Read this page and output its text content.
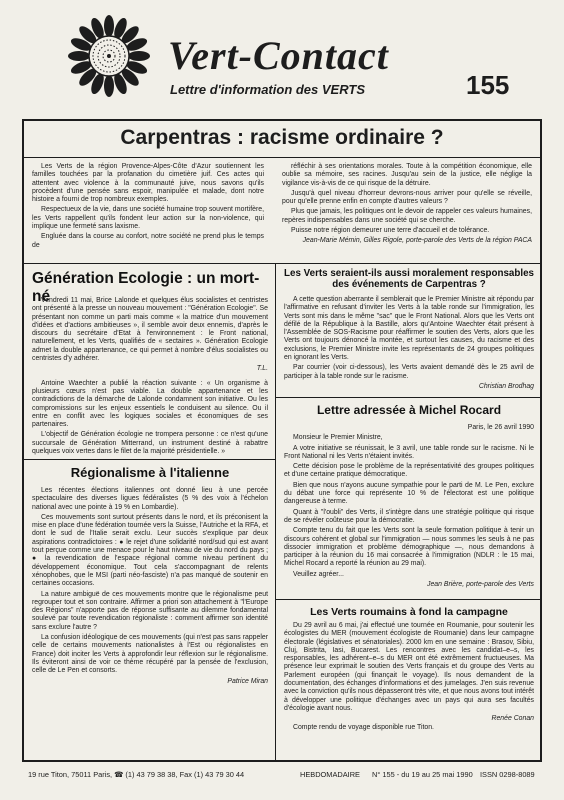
Vert-Contact
Lettre d'information des VERTS	155
Carpentras : racisme ordinaire ?

Les Verts de la région Provence-Alpes-Côte d'Azur soutiennent les familles touchées par la profanation du cimetière juif. Ces actes qui attentent avec violence à la communauté juive, nous savons qu'ils procèdent d'une pensée sans espoir, manipulée et malade, dont notre histoire a fourni de trop nombreux exemples.

Respectueux de la vie, dans une société humaine trop souvent mortifère, les Verts rappellent qu'ils fondent leur action sur la non-violence, qui implique une fermeté sans laxisme.

Engluée dans la course au confort, notre société ne prend plus le temps de

réfléchir à ses orientations morales. Toute à la compétition économique, elle oublie sa mémoire, ses racines. Jusqu'au sein de la justice, elle néglige la vigilance vis-à-vis de ce qui risque de la détruire.

Jusqu'à quel niveau d'horreur devrons-nous arriver pour qu'elle se réveille, pour qu'elle prenne enfin en compte d'autres valeurs ?

Plus que jamais, les politiques ont le devoir de rappeler ces valeurs humaines, repères indispensables dans une société qui se cherche.

Puisse notre région demeurer une terre d'accueil et de tolérance.

Jean-Marie Mémin, Gilles Rigole, porte-parole des Verts de la région PACA
Génération Ecologie : un mort-né

Vendredi 11 mai, Brice Lalonde et quelques élus socialistes et centristes ont présenté à la presse un nouveau mouvement : "Génération Ecologie". Se présentant non comme un parti mais comme « la matrice d'un mouvement d'idées et d'actions ambitieuses », il semble avoir deux ennemis, d'après le discours du secrétaire d'Etat à l'environnement : le Front national, naturellement, et les Verts, qualifiés de « sectaires ». Génération Ecologie admet la double appartenance, ce qui permet à nombre d'élus socialistes ou centristes d'y adhérer.

T.L.

Antoine Waechter a publié la réaction suivante : « Un organisme à plusieurs cœurs n'est pas viable. La double appartenance et les contradictions de la démarche de Lalonde condamnent son initiative. Ou les compromissions sur les enjeux essentiels le conduisent au silence. Ou il entre en conflit avec les logiques sociales et économiques de ses partenaires.

L'objectif de Génération écologie ne trompera personne : ce n'est qu'une succursale de Génération Mitterrand, un instrument destiné à rabattre quelques voix vertes dans le filet de la majorité présidentielle. »

Régionalisme à l'italienne

Les récentes élections italiennes ont donné lieu à une percée spectaculaire des diverses ligues fédéralistes (5 % des voix à l'échelon national avec une pointe à 19 % en Lombardie).

Ces mouvements sont surtout présents dans le nord, et ils préconisent la mise en place d'une fédération tournée vers la Suisse, l'Autriche et la RFA, et dont le sud de l'Italie serait exclu. Leur succès s'explique par deux aspirations contradictoires : ● le rejet d'une solidarité nord/sud qui est avant tout perçue comme une menace pour le haut niveau de vie du nord du pays ; ● la revendication de l'espace régional comme niveau pertinent du développement économique. Tout cela s'accompagnant de relents xénophobes, que le MSI (parti néo-fasciste) n'a pas manqué de soutenir en certaines occasions.

La nature ambiguë de ces mouvements montre que le régionalisme peut regrouper tout et son contraire. Affirmer a priori son attachement à "l'Europe des Régions" n'apporte pas de réponse suffisante au dilemme fondamental soulevé par toute revendication régionaliste : comment affirmer son identité sans exclure l'autre ?

La confusion idéologique de ces mouvements (qui n'est pas sans rappeler celle de certains mouvements nationalistes à l'Est ou régionalistes en France) doit inciter les Verts à approfondir leur réflexion sur le régionalisme. Ils éviteront ainsi de voir ce thème récupéré par la pensée de l'exclusion, celle de Le Pen et consorts.

Patrice Miran
Les Verts seraient-ils aussi moralement responsables des événements de Carpentras ?

A cette question aberrante il semblerait que le Premier Ministre ait répondu par l'affirmative en refusant d'inviter les Verts à la table ronde sur l'immigration, les Verts sont mis dans le même "sac" que le Front National. Alors que les Verts ont défilé de la République à la Bastille, alors qu'Antoine Waechter était présent à l'Assemblée de SOS-Racisme pour réaffirmer le soutien des Verts, alors que les Verts ont toujours dénoncé la montée, et surtout les causes, du racisme et des exclusions, le Premier Ministre invite les représentants de 24 groupes politiques en ignorant les Verts.

Par courrier (voir ci-dessous), les Verts avaient demandé dès le 25 avril de participer à la table ronde sur le racisme.

Christian Brodhag
Lettre adressée à Michel Rocard

Paris, le 26 avril 1990

Monsieur le Premier Ministre,

A votre initiative se réunissait, le 3 avril, une table ronde sur le racisme. Ni le Front National ni les Verts n'étaient invités.

Cette décision pose le problème de la représentativité des groupes politiques et d'une certaine pratique démocratique.

Bien que nous n'ayons aucune sympathie pour le parti de M. Le Pen, exclure du débat une force qui représente 10 % de l'électorat est une politique dangereuse à terme.

Quant à "l'oubli" des Verts, il s'intègre dans une stratégie politique qui risque de se révéler coûteuse pour la démocratie.

Compte tenu du fait que les Verts sont la seule formation politique à tenir un discours cohérent et global sur l'immigration — nous sommes les seuls à ne pas dissocier immigration et problème démographique —, nous demandons à participer à la réunion du 16 mai consacrée à l'immigration (NDLR : le 15 mai, Michel Rocard a reporté la réunion au 29 mai).

Veuillez agréer...

Jean Brière, porte-parole des Verts
Les Verts roumains à fond la campagne

Du 29 avril au 6 mai, j'ai effectué une tournée en Roumanie, pour soutenir les écologistes du MER (mouvement écologiste de Roumanie) dans leur campagne électorale (législatives et sénatoriales). 2000 km en une semaine : Brasov, Sibiu, Cluj, Bistrita, Iasi, Bucarest. Les rencontres avec les candidat–e–s, les responsables, les adhérent–e–s du MER ont été extrêmement fructueuses. Ma présence leur exprimait le soutien des Verts français et du groupe des Verts au Parlement européen (qui finançait le voyage). Ils nous demandent de la documentation, des échanges d'informations et des jumelages. J'en suis revenue avec la conviction qu'ils nous dépasseront très vite, et que nous avons tout intérêt à développer une politique d'échanges avec un pays qui aura ses facultés d'écologie avant nous.

Renée Conan

Compte rendu de voyage disponible rue Titon.

19 rue Titon, 75011 Paris, ☎ (1) 43 79 38 38, Fax (1) 43 79 30 44	HEBDOMADAIRE N° 155 - du 19 au 25 mai 1990 ISSN 0298-8089
